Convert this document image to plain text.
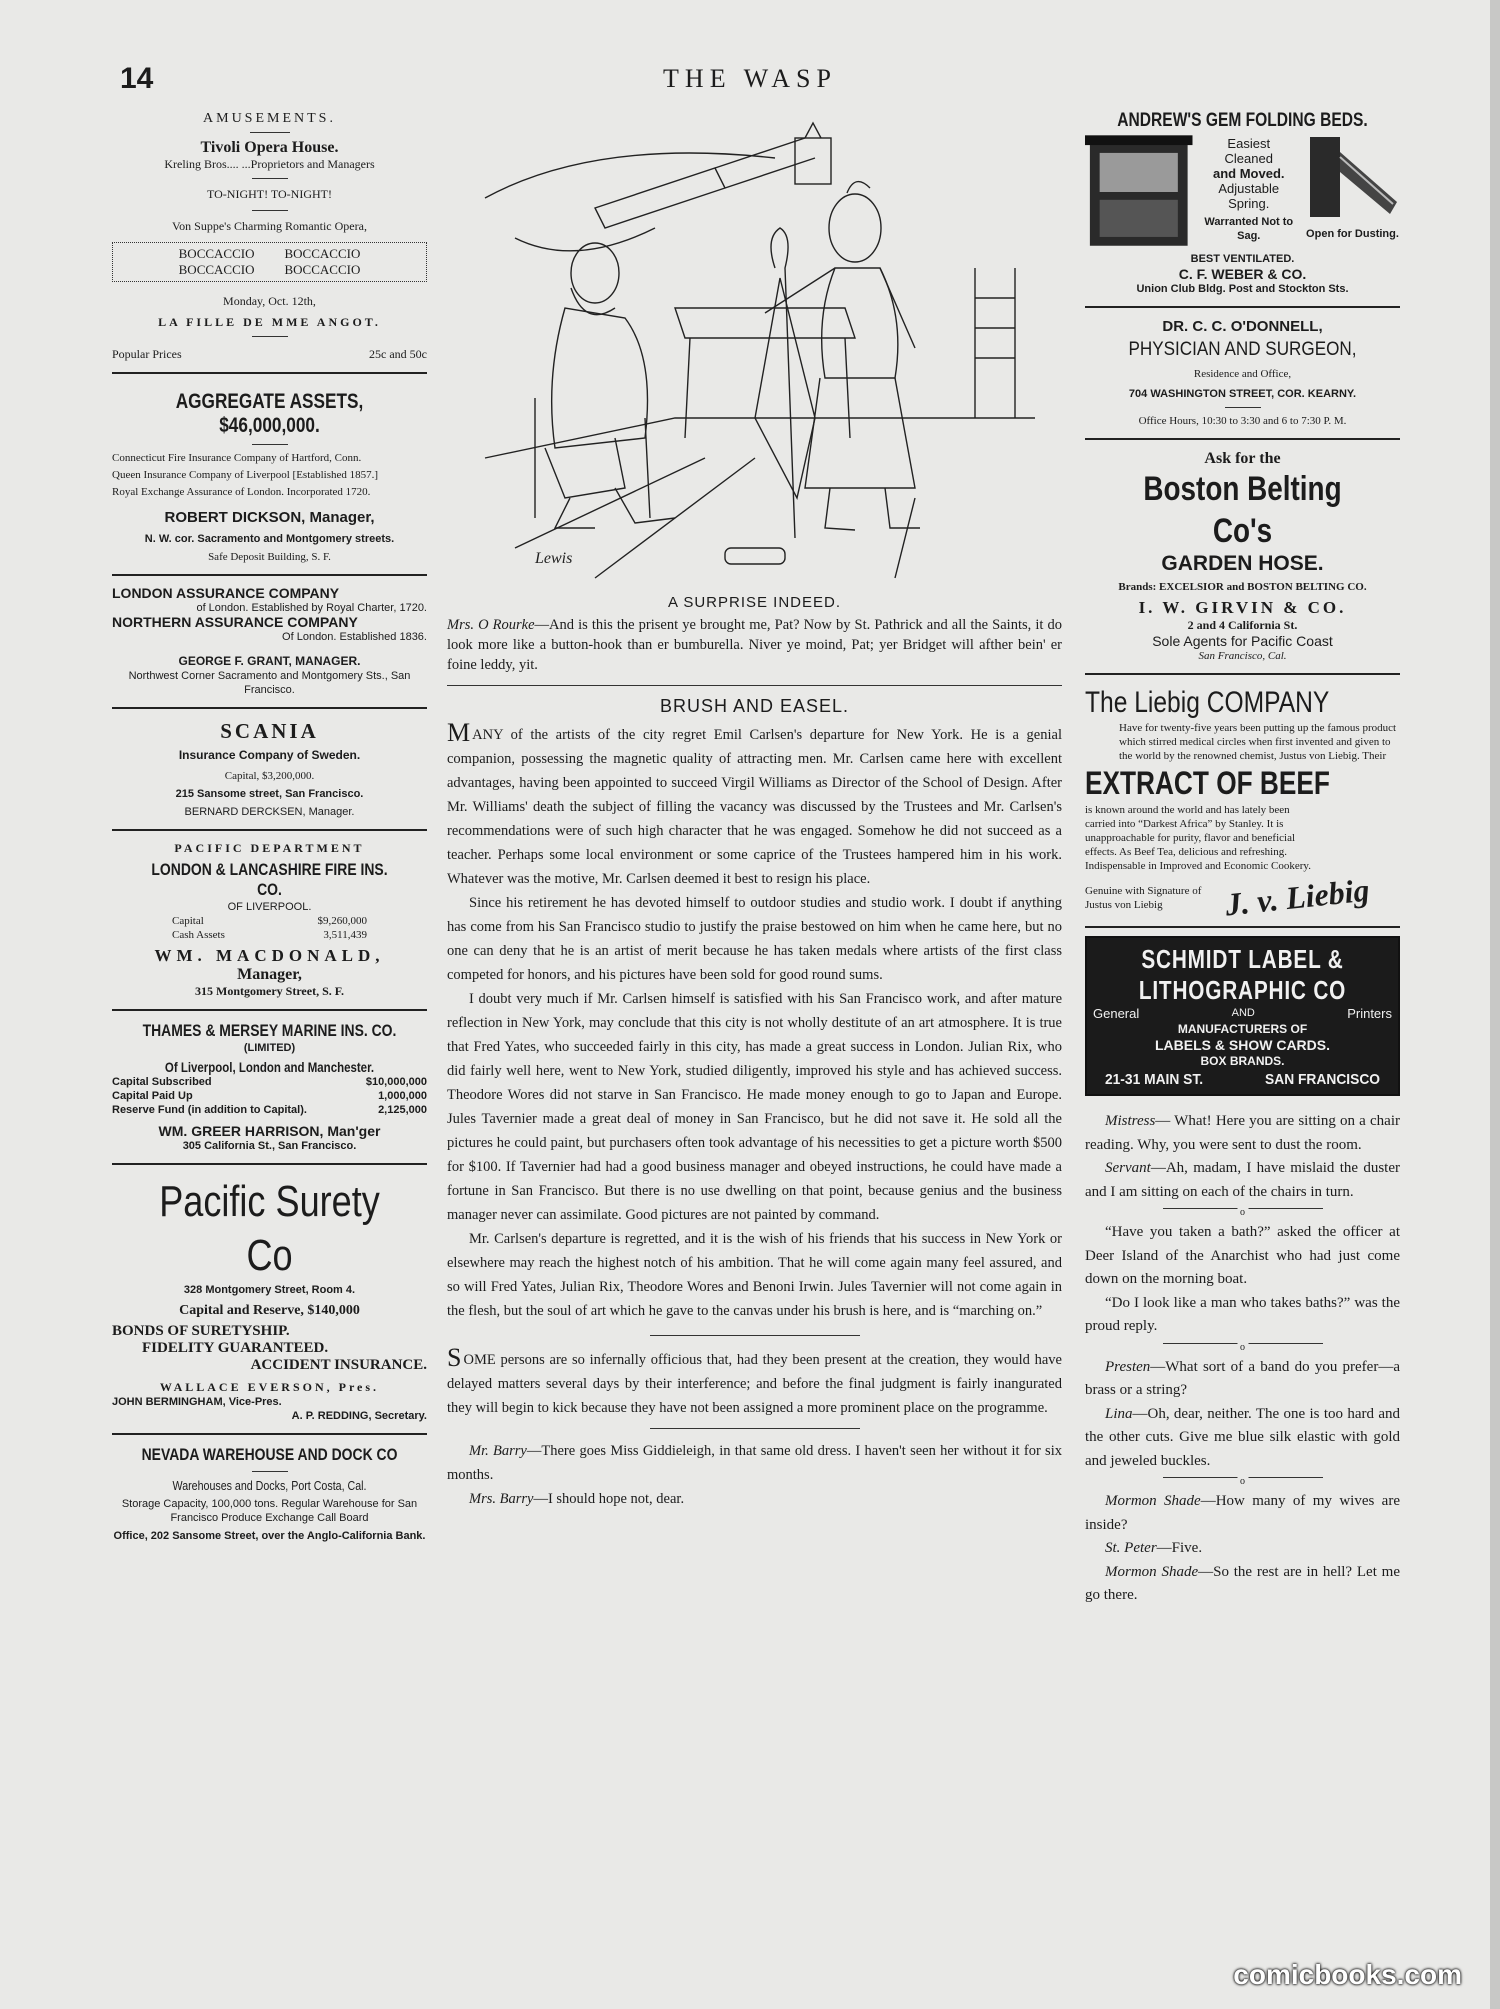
14	THE WASP
AMUSEMENTS.
Tivoli Opera House.
Kreling Bros.... ...Proprietors and Managers
TO-NIGHT! TO-NIGHT!
Von Suppe's Charming Romantic Opera,
BOCCACCIO BOCCACCIO
BOCCACCIO BOCCACCIO
Monday, Oct. 12th,
LA FILLE DE MME ANGOT.
Popular Prices	25c and 50c
AGGREGATE ASSETS, $46,000,000.

Connecticut Fire Insurance Company of Hartford, Conn.

Queen Insurance Company of Liverpool [Established 1857.]

Royal Exchange Assurance of London. Incorporated 1720.

ROBERT DICKSON, Manager,
N. W. cor. Sacramento and Montgomery streets.
Safe Deposit Building, S. F.
LONDON ASSURANCE COMPANY
of London. Established by Royal Charter, 1720.
NORTHERN ASSURANCE COMPANY
Of London. Established 1836.
GEORGE F. GRANT, MANAGER.
Northwest Corner Sacramento and Montgomery Sts., San Francisco.
SCANIA
Insurance Company of Sweden.
Capital, $3,200,000.
215 Sansome street, San Francisco.
BERNARD DERCKSEN, Manager.
PACIFIC DEPARTMENT
LONDON & LANCASHIRE FIRE INS. CO.
OF LIVERPOOL.
Capital	$9,260,000
Cash Assets	3,511,439
WM. MACDONALD,
Manager,
315 Montgomery Street, S. F.
THAMES & MERSEY MARINE INS. CO.
(LIMITED)
Of Liverpool, London and Manchester.
Capital Subscribed	$10,000,000
Capital Paid Up	1,000,000
Reserve Fund (in addition to Capital).	2,125,000
WM. GREER HARRISON, Man'ger
305 California St., San Francisco.
Pacific Surety Co
328 Montgomery Street, Room 4.
Capital and Reserve, $140,000
BONDS OF SURETYSHIP.
FIDELITY GUARANTEED.
ACCIDENT INSURANCE.
WALLACE EVERSON, Pres.
JOHN BERMINGHAM, Vice-Pres.
A. P. REDDING, Secretary.
NEVADA WAREHOUSE AND DOCK CO
Warehouses and Docks, Port Costa, Cal.
Storage Capacity, 100,000 tons. Regular Warehouse for San Francisco Produce Exchange Call Board
Office, 202 Sansome Street, over the Anglo-California Bank.
Lewis
A SURPRISE INDEED.
Mrs. O Rourke—And is this the prisent ye brought me, Pat? Now by St. Pathrick and all the Saints, it do look more like a button-hook than er bumburella. Niver ye moind, Pat; yer Bridget will afther bein' er foine leddy, yit.
BRUSH AND EASEL.

MANY of the artists of the city regret Emil Carlsen's departure for New York. He is a genial companion, possessing the magnetic quality of attracting men. Mr. Carlsen came here with excellent advantages, having been appointed to succeed Virgil Williams as Director of the School of Design. After Mr. Williams' death the subject of filling the vacancy was discussed by the Trustees and Mr. Carlsen's recommendations were of such high character that he was engaged. Somehow he did not succeed as a teacher. Perhaps some local environment or some caprice of the Trustees hampered him in his work. Whatever was the motive, Mr. Carlsen deemed it best to resign his place.

Since his retirement he has devoted himself to outdoor studies and studio work. I doubt if anything has come from his San Francisco studio to justify the praise bestowed on him when he came here, but no one can deny that he is an artist of merit because he has taken medals where artists of the first class competed for honors, and his pictures have been sold for good round sums.

I doubt very much if Mr. Carlsen himself is satisfied with his San Francisco work, and after mature reflection in New York, may conclude that this city is not wholly destitute of an art atmosphere. It is true that Fred Yates, who succeeded fairly in this city, has made a great success in London. Julian Rix, who did fairly well here, went to New York, studied diligently, improved his style and has achieved success. Theodore Wores did not starve in San Francisco. He made money enough to go to Japan and Europe. Jules Tavernier made a great deal of money in San Francisco, but he did not save it. He sold all the pictures he could paint, but purchasers often took advantage of his necessities to get a picture worth $500 for $100. If Tavernier had had a good business manager and obeyed instructions, he could have made a fortune in San Francisco. But there is no use dwelling on that point, because genius and the business manager never can assimilate. Good pictures are not painted by command.

Mr. Carlsen's departure is regretted, and it is the wish of his friends that his success in New York or elsewhere may reach the highest notch of his ambition. That he will come again many feel assured, and so will Fred Yates, Julian Rix, Theodore Wores and Benoni Irwin. Jules Tavernier will not come again in the flesh, but the soul of art which he gave to the canvas under his brush is here, and is “marching on.”

SOME persons are so infernally officious that, had they been present at the creation, they would have delayed matters several days by their interference; and before the final judgment is fairly inangurated they will begin to kick because they have not been assigned a more prominent place on the programme.

Mr. Barry—There goes Miss Giddieleigh, in that same old dress. I haven't seen her without it for six months.

Mrs. Barry—I should hope not, dear.

ANDREW'S GEM FOLDING BEDS.
Easiest
Cleaned
and Moved.
Adjustable
Spring.
Warranted Not to Sag.	Open for Dusting.
BEST VENTILATED.
C. F. WEBER & CO.
Union Club Bldg. Post and Stockton Sts.
DR. C. C. O'DONNELL,
PHYSICIAN AND SURGEON,
Residence and Office,
704 WASHINGTON STREET, COR. KEARNY.
Office Hours, 10:30 to 3:30 and 6 to 7:30 P. M.
Ask for the
Boston Belting Co's
GARDEN HOSE.
Brands: EXCELSIOR and BOSTON BELTING CO.
I. W. GIRVIN & CO.
2 and 4 California St.
Sole Agents for Pacific Coast
San Francisco, Cal.
The Liebig COMPANY
Have for twenty-five years been putting up the famous product which stirred medical circles when first invented and given to the world by the renowned chemist, Justus von Liebig. Their
EXTRACT OF BEEF
is known around the world and has lately been carried into “Darkest Africa” by Stanley. It is unapproachable for purity, flavor and beneficial effects. As Beef Tea, delicious and refreshing. Indispensable in Improved and Economic Cookery.
Genuine with Signature of Justus von Liebig	J. v. Liebig
SCHMIDT LABEL & LITHOGRAPHIC CO
General	AND	Printers
MANUFACTURERS OF
LABELS & SHOW CARDS.
BOX BRANDS.
21-31 MAIN ST.	SAN FRANCISCO

Mistress— What! Here you are sitting on a chair reading. Why, you were sent to dust the room.

Servant—Ah, madam, I have mislaid the duster and I am sitting on each of the chairs in turn.

o

“Have you taken a bath?” asked the officer at Deer Island of the Anarchist who had just come down on the morning boat.

“Do I look like a man who takes baths?” was the proud reply.

o

Presten—What sort of a band do you prefer—a brass or a string?

Lina—Oh, dear, neither. The one is too hard and the other cuts. Give me blue silk elastic with gold and jeweled buckles.

o

Mormon Shade—How many of my wives are inside?

St. Peter—Five.

Mormon Shade—So the rest are in hell? Let me go there.

comicbooks.com
